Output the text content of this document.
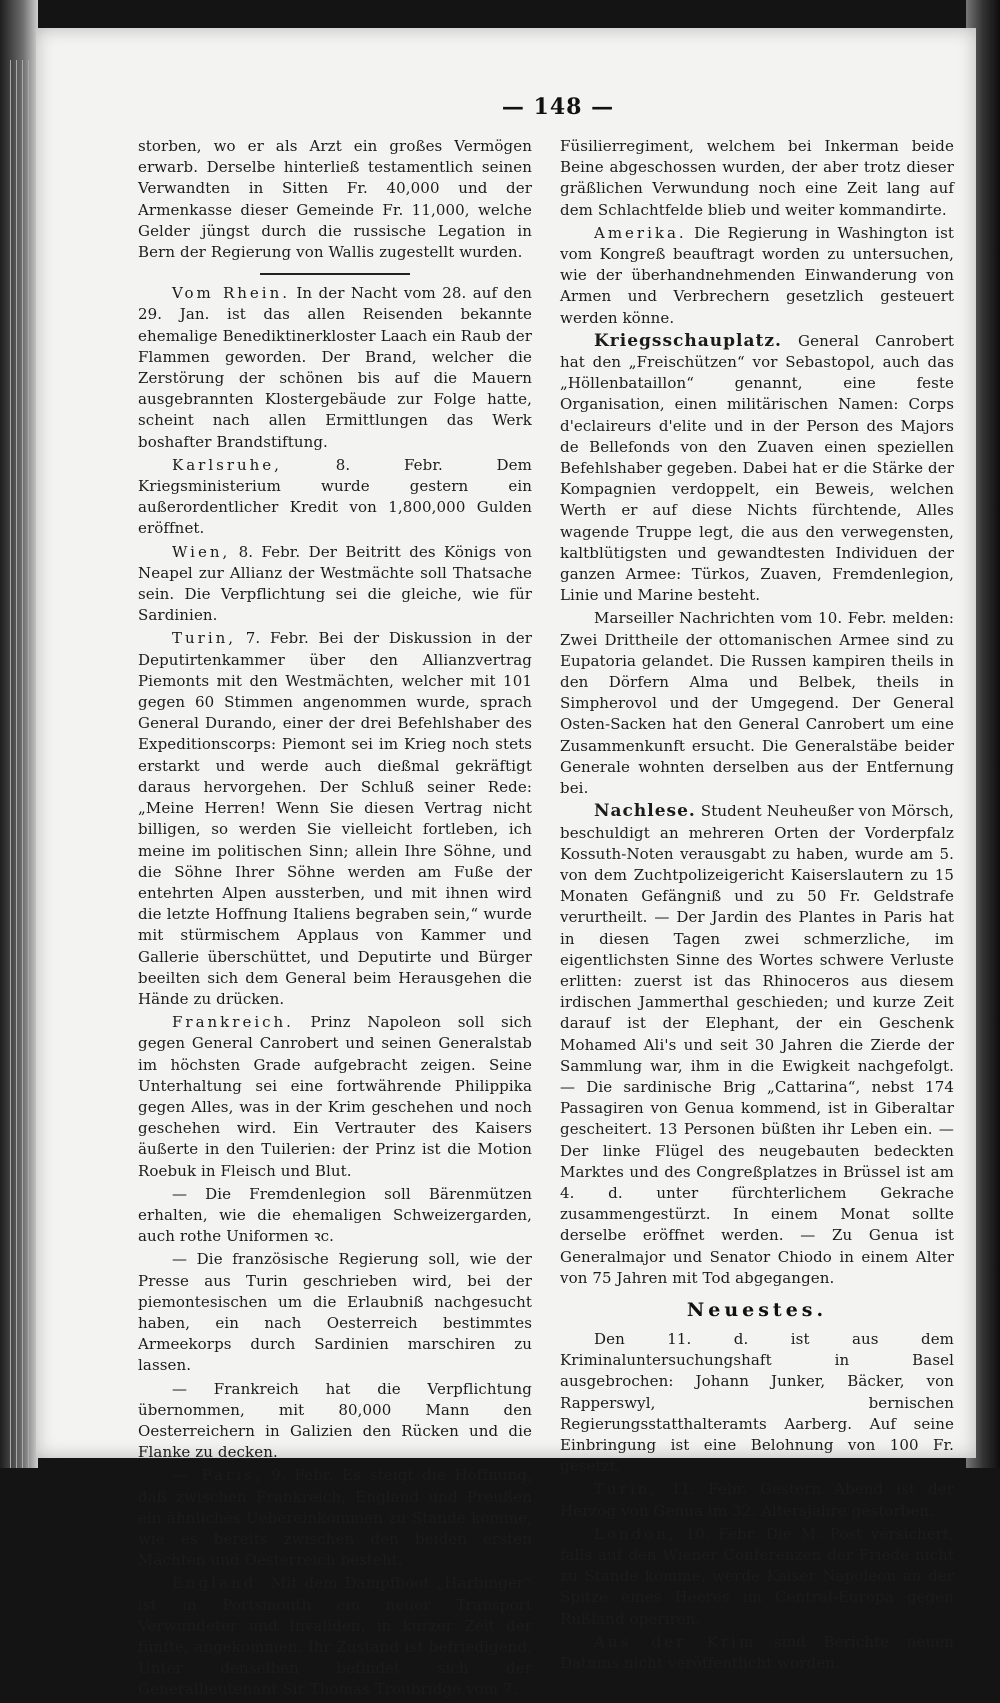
— 148 —

storben, wo er als Arzt ein großes Vermögen erwarb. Derselbe hinterließ testamentlich seinen Verwandten in Sitten Fr. 40,000 und der Armenkasse dieser Gemeinde Fr. 11,000, welche Gelder jüngst durch die russische Legation in Bern der Regierung von Wallis zugestellt wurden.

Vom Rhein. In der Nacht vom 28. auf den 29. Jan. ist das allen Reisenden bekannte ehemalige Benediktinerkloster Laach ein Raub der Flammen geworden. Der Brand, welcher die Zerstörung der schönen bis auf die Mauern ausgebrannten Klostergebäude zur Folge hatte, scheint nach allen Ermittlungen das Werk boshafter Brandstiftung.

Karlsruhe,	8. Febr. Dem Kriegsministerium wurde gestern ein außerordentlicher Kredit von 1,800,000 Gulden eröffnet.

Wien, 8. Febr. Der Beitritt des Königs von Neapel zur Allianz der Westmächte soll Thatsache sein. Die Verpflichtung sei die gleiche, wie für Sardinien.

Turin, 7. Febr. Bei der Diskussion in der Deputirtenkammer über den Allianzvertrag Piemonts mit den Westmächten, welcher mit 101 gegen 60 Stimmen angenommen wurde, sprach General Durando, einer der drei Befehlshaber des Expeditionscorps: Piemont sei im Krieg noch stets erstarkt und werde auch dießmal gekräftigt daraus hervorgehen. Der Schluß seiner Rede: „Meine Herren! Wenn Sie diesen Vertrag nicht billigen, so werden Sie vielleicht fortleben, ich meine im politischen Sinn; allein Ihre Söhne, und die Söhne Ihrer Söhne werden am Fuße der entehrten Alpen aussterben, und mit ihnen wird die letzte Hoffnung Italiens begraben sein,“ wurde mit stürmischem Applaus von Kammer und Gallerie überschüttet, und Deputirte und Bürger beeilten sich dem General beim Herausgehen die Hände zu drücken.

Frankreich. Prinz Napoleon soll sich gegen General Canrobert und seinen Generalstab im höchsten Grade aufgebracht zeigen. Seine Unterhaltung sei eine fortwährende Philippika gegen Alles, was in der Krim geschehen und noch geschehen wird. Ein Vertrauter des Kaisers äußerte in den Tuilerien: der Prinz ist die Motion Roebuk in Fleisch und Blut.

— Die Fremdenlegion soll Bärenmützen erhalten, wie die ehemaligen Schweizergarden, auch rothe Uniformen ꝛc.

— Die französische Regierung soll, wie der Presse aus Turin geschrieben wird, bei der piemontesischen um die Erlaubniß nachgesucht haben, ein nach Oesterreich bestimmtes Armeekorps durch Sardinien marschiren zu lassen.

— Frankreich hat die Verpflichtung übernommen, mit 80,000 Mann den Oesterreichern in Galizien den Rücken und die Flanke zu decken.

— Paris, 9. Febr. Es steigt die Hoffnung, daß zwischen Frankreich, England und Preußen ein ähnliches Uebereinkommen zu Stande komme, wie es bereits zwischen den beiden ersten Mächten und Oesterreich besteht.

England. Mit dem Dampfboot „Harbinger“ ist in Portsmouth ein neuer Transport Verwundeter und Invaliden, in kurzer Zeit der fünfte, angekommen. Ihr Zustand ist befriedigend. Unter denselben befindet sich der Generallieutenant Sir Thomas Troubridge vom 7.

Füsilierregiment, welchem bei Inkerman beide Beine abgeschossen wurden, der aber trotz dieser gräßlichen Verwundung noch eine Zeit lang auf dem Schlachtfelde blieb und weiter kommandirte.

Amerika. Die Regierung in Washington ist vom Kongreß beauftragt worden zu untersuchen, wie der überhandnehmenden Einwanderung von Armen und Verbrechern gesetzlich gesteuert werden könne.

Kriegsschauplatz. General Canrobert hat den „Freischützen“ vor Sebastopol, auch das „Höllenbataillon“ genannt, eine feste Organisation, einen militärischen Namen: Corps d'eclaireurs d'elite und in der Person des Majors de Bellefonds von den Zuaven einen speziellen Befehlshaber gegeben. Dabei hat er die Stärke der Kompagnien verdoppelt, ein Beweis, welchen Werth er auf diese Nichts fürchtende, Alles wagende Truppe legt, die aus den verwegensten, kaltblütigsten und gewandtesten Individuen der ganzen Armee: Türkos, Zuaven, Fremdenlegion, Linie und Marine besteht.

Marseiller Nachrichten vom 10. Febr. melden: Zwei Drittheile der ottomanischen Armee sind zu Eupatoria gelandet. Die Russen kampiren theils in den Dörfern Alma und Belbek, theils in Simpherovol und der Umgegend. Der General Osten-Sacken hat den General Canrobert um eine Zusammenkunft ersucht. Die Generalstäbe beider Generale wohnten derselben aus der Entfernung bei.

Nachlese. Student Neuheußer von Mörsch, beschuldigt an mehreren Orten der Vorderpfalz Kossuth-Noten verausgabt zu haben, wurde am 5. von dem Zuchtpolizeigericht Kaiserslautern zu 15 Monaten Gefängniß und zu 50 Fr. Geldstrafe verurtheilt. — Der Jardin des Plantes in Paris hat in diesen Tagen zwei schmerzliche, im eigentlichsten Sinne des Wortes schwere Verluste erlitten: zuerst ist das Rhinoceros aus diesem irdischen Jammerthal geschieden; und kurze Zeit darauf ist der Elephant, der ein Geschenk Mohamed Ali's und seit 30 Jahren die Zierde der Sammlung war, ihm in die Ewigkeit nachgefolgt. — Die sardinische Brig „Cattarina“, nebst 174 Passagiren von Genua kommend, ist in Giberaltar gescheitert. 13 Personen büßten ihr Leben ein. — Der linke Flügel des neugebauten bedeckten Marktes und des Congreßplatzes in Brüssel ist am 4. d. unter fürchterlichem Gekrache zusammengestürzt. In einem Monat sollte derselbe eröffnet werden. — Zu Genua ist Generalmajor und Senator Chiodo in einem Alter von 75 Jahren mit Tod abgegangen.

Neuestes.

Den 11. d. ist aus dem Kriminaluntersuchungshaft in Basel ausgebrochen: Johann Junker, Bäcker, von Rapperswyl, bernischen Regierungsstatthalteramts Aarberg. Auf seine Einbringung ist eine Belohnung von 100 Fr. gesetzt.

Turin, 11. Febr. Gestern Abend ist der Herzog von Genua im 32. Altersjahre gestorben.

London, 10. Febr. Die M. Post versichert, falls auf den Wiener Conferenzen der Friede nicht zu Stande komme, werde Kaiser Napoleon an der Spitze eines Heeres im Central-Europa gegen Rußland operiren.

Aus der Krim sind Berichte neuen Datums nicht veröffentlicht worden.
